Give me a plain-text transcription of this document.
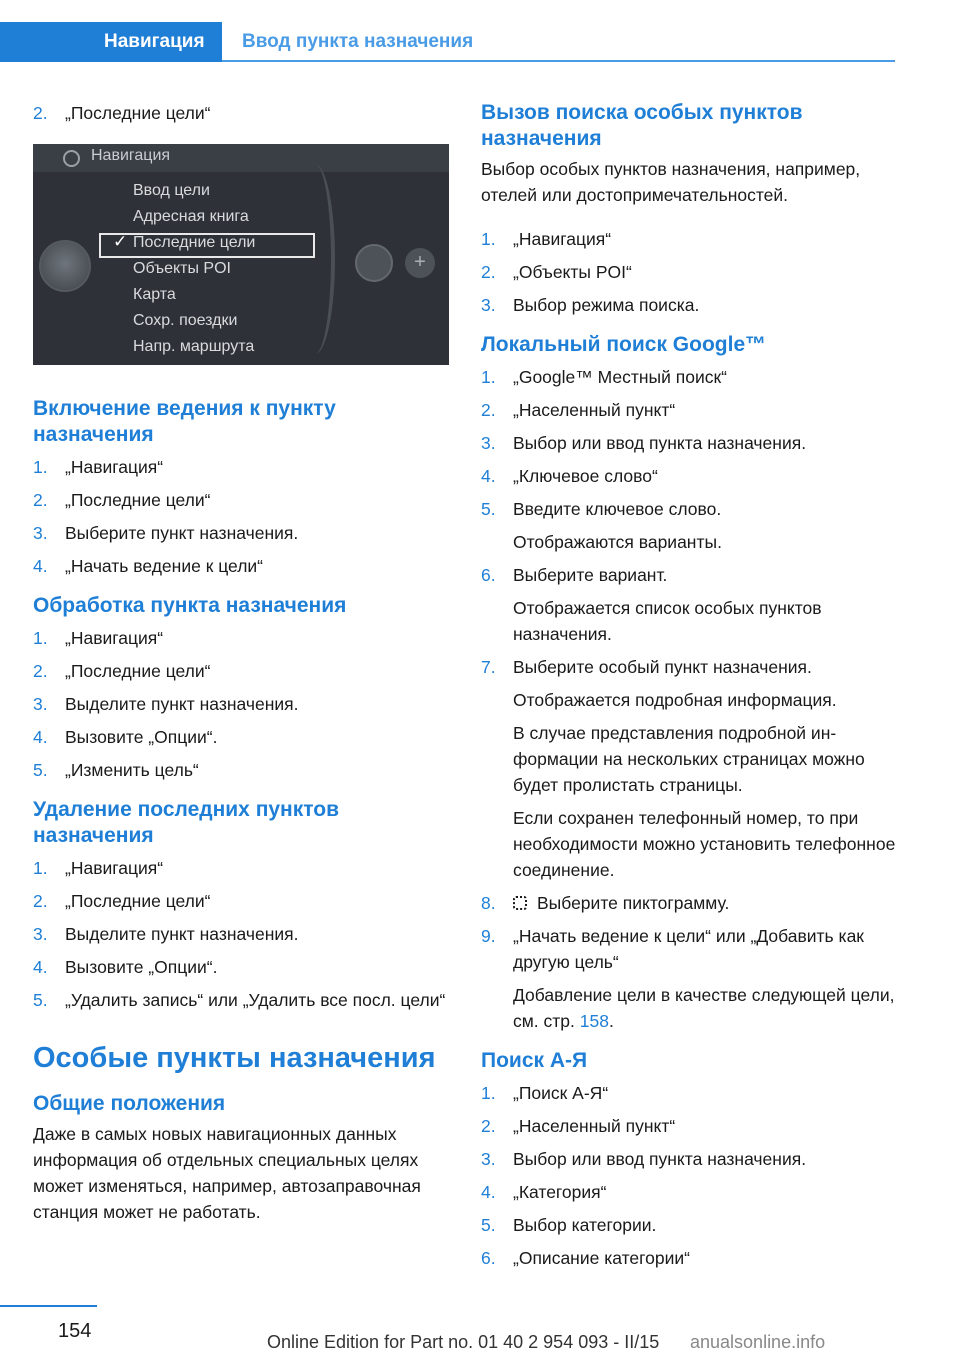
Навигация	Ввод пункта назначения
2. „Последние цели“
Навигация
✓
Ввод цели
Адресная книга
Последние цели
Объекты POI
Карта
Сохр. поездки
Напр. маршрута
+
Включение ведения к пункту назначения
1. „Навигация“
2. „Последние цели“
3. Выберите пункт назначения.
4. „Начать ведение к цели“
Обработка пункта назначения
1. „Навигация“
2. „Последние цели“
3. Выделите пункт назначения.
4. Вызовите „Опции“.
5. „Изменить цель“
Удаление последних пунктов назначения
1. „Навигация“
2. „Последние цели“
3. Выделите пункт назначения.
4. Вызовите „Опции“.
5. „Удалить запись“ или „Удалить все посл. цели“
Особые пункты назначения
Общие положения
Даже в самых новых навигационных данных информация об отдельных специальных целях может изменяться, например, автозаправочная станция может не работать.
Вызов поиска особых пунктов назначения
Выбор особых пунктов назначения, например, отелей или достопримечательностей.
1. „Навигация“
2. „Объекты POI“
3. Выбор режима поиска.
Локальный поиск Google™
1. „Google™ Местный поиск“
2. „Населенный пункт“
3. Выбор или ввод пункта назначения.
4. „Ключевое слово“
5. Введите ключевое слово.
Отображаются варианты.
6. Выберите вариант.
Отображается список особых пунктов назначения.
7. Выберите особый пункт назначения.
Отображается подробная информация.
В случае представления подробной информации на нескольких страницах можно будет пролистать страницы.
Если сохранен телефонный номер, то при необходимости можно установить телефонное соединение.
8. Выберите пиктограмму.
9. „Начать ведение к цели“ или „Добавить как другую цель“
Добавление цели в качестве следующей цели, см. стр. 158.
Поиск А-Я
1. „Поиск А-Я“
2. „Населенный пункт“
3. Выбор или ввод пункта назначения.
4. „Категория“
5. Выбор категории.
6. „Описание категории“
154	Online Edition for Part no. 01 40 2 954 093 - II/15 anualsonline.info
